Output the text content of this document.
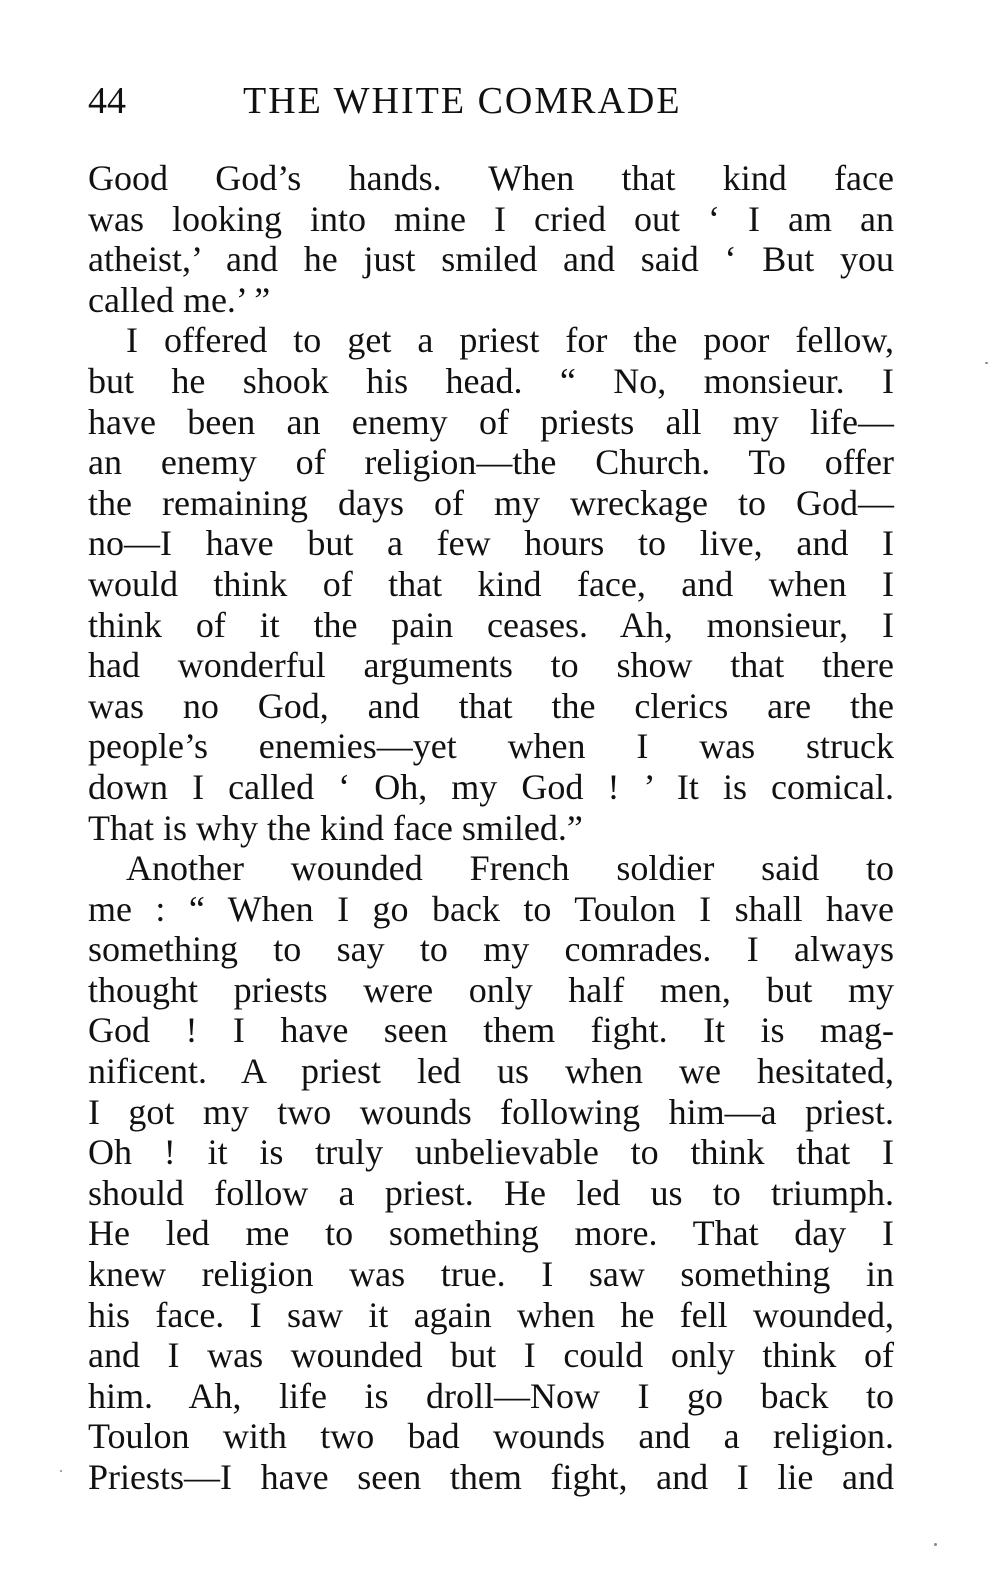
44	THE WHITE COMRADE
Good God’s hands. When that kind face
was looking into mine I cried out ‘ I am an
atheist,’ and he just smiled and said ‘ But you
called me.’ ”
I offered to get a priest for the poor fellow,
but he shook his head. “ No, monsieur. I
have been an enemy of priests all my life—
an enemy of religion—the Church. To offer
the remaining days of my wreckage to God—
no—I have but a few hours to live, and I
would think of that kind face, and when I
think of it the pain ceases. Ah, monsieur, I
had wonderful arguments to show that there
was no God, and that the clerics are the
people’s enemies—yet when I was struck
down I called ‘ Oh, my God ! ’ It is comical.
That is why the kind face smiled.”
Another wounded French soldier said to
me : “ When I go back to Toulon I shall have
something to say to my comrades. I always
thought priests were only half men, but my
God ! I have seen them fight. It is mag-
nificent. A priest led us when we hesitated,
I got my two wounds following him—a priest.
Oh ! it is truly unbelievable to think that I
should follow a priest. He led us to triumph.
He led me to something more. That day I
knew religion was true. I saw something in
his face. I saw it again when he fell wounded,
and I was wounded but I could only think of
him. Ah, life is droll—Now I go back to
Toulon with two bad wounds and a religion.
Priests—I have seen them fight, and I lie and
